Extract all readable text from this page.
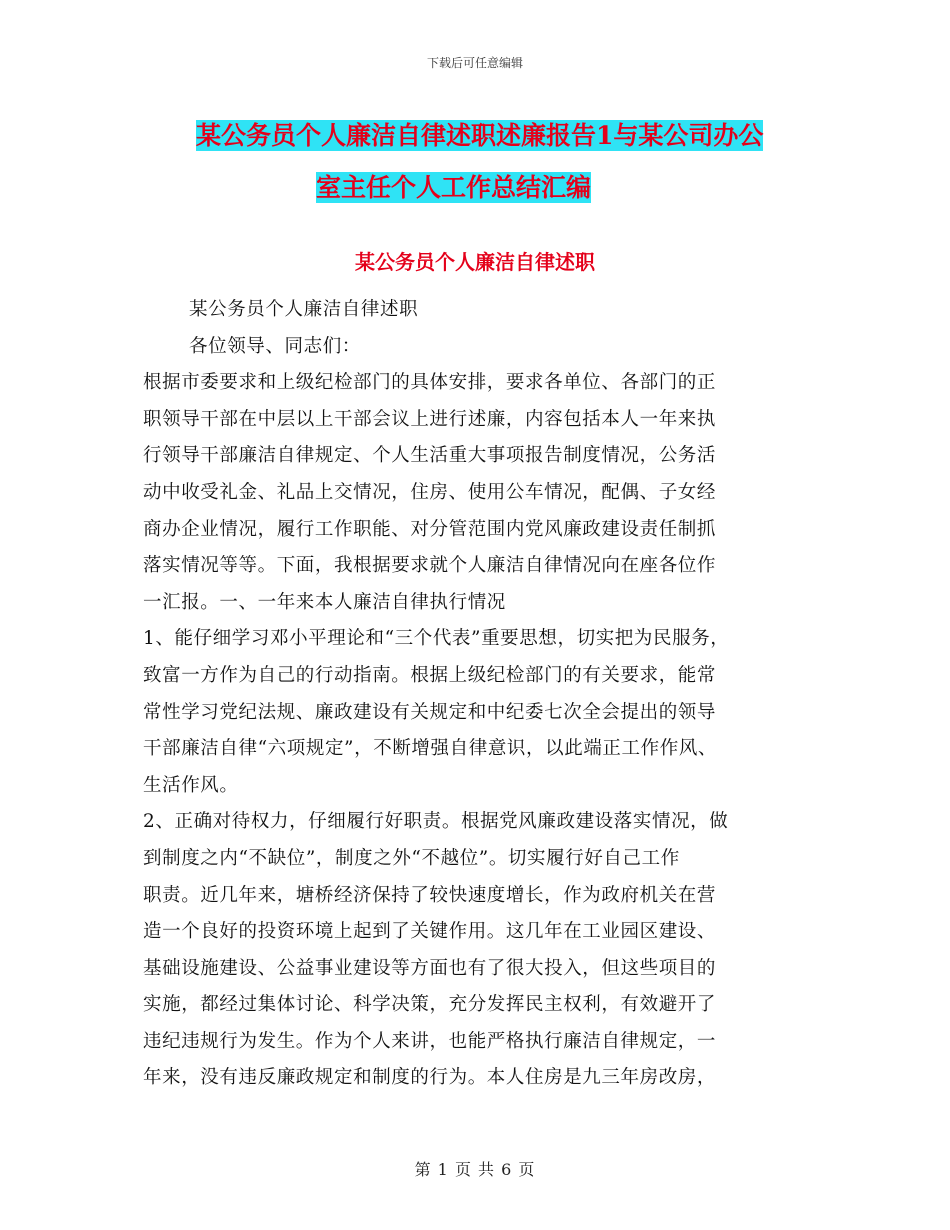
下载后可任意编辑
某公务员个人廉洁自律述职述廉报告1与某公司办公
室主任个人工作总结汇编
某公务员个人廉洁自律述职

某公务员个人廉洁自律述职

各位领导、同志们：

根据市委要求和上级纪检部门的具体安排，要求各单位、各部门的正

职领导干部在中层以上干部会议上进行述廉，内容包括本人一年来执

行领导干部廉洁自律规定、个人生活重大事项报告制度情况，公务活

动中收受礼金、礼品上交情况，住房、使用公车情况，配偶、子女经

商办企业情况，履行工作职能、对分管范围内党风廉政建设责任制抓

落实情况等等。下面，我根据要求就个人廉洁自律情况向在座各位作

一汇报。一、一年来本人廉洁自律执行情况

1、能仔细学习邓小平理论和“三个代表”重要思想，切实把为民服务，

致富一方作为自己的行动指南。根据上级纪检部门的有关要求，能常

常性学习党纪法规、廉政建设有关规定和中纪委七次全会提出的领导

干部廉洁自律“六项规定”，不断增强自律意识，以此端正工作作风、

生活作风。

2、正确对待权力，仔细履行好职责。根据党风廉政建设落实情况，做

到制度之内“不缺位”，制度之外“不越位”。切实履行好自己工作

职责。近几年来，塘桥经济保持了较快速度增长，作为政府机关在营

造一个良好的投资环境上起到了关键作用。这几年在工业园区建设、

基础设施建设、公益事业建设等方面也有了很大投入，但这些项目的

实施，都经过集体讨论、科学决策，充分发挥民主权利，有效避开了

违纪违规行为发生。作为个人来讲，也能严格执行廉洁自律规定，一

年来，没有违反廉政规定和制度的行为。本人住房是九三年房改房，

第 1 页 共 6 页
